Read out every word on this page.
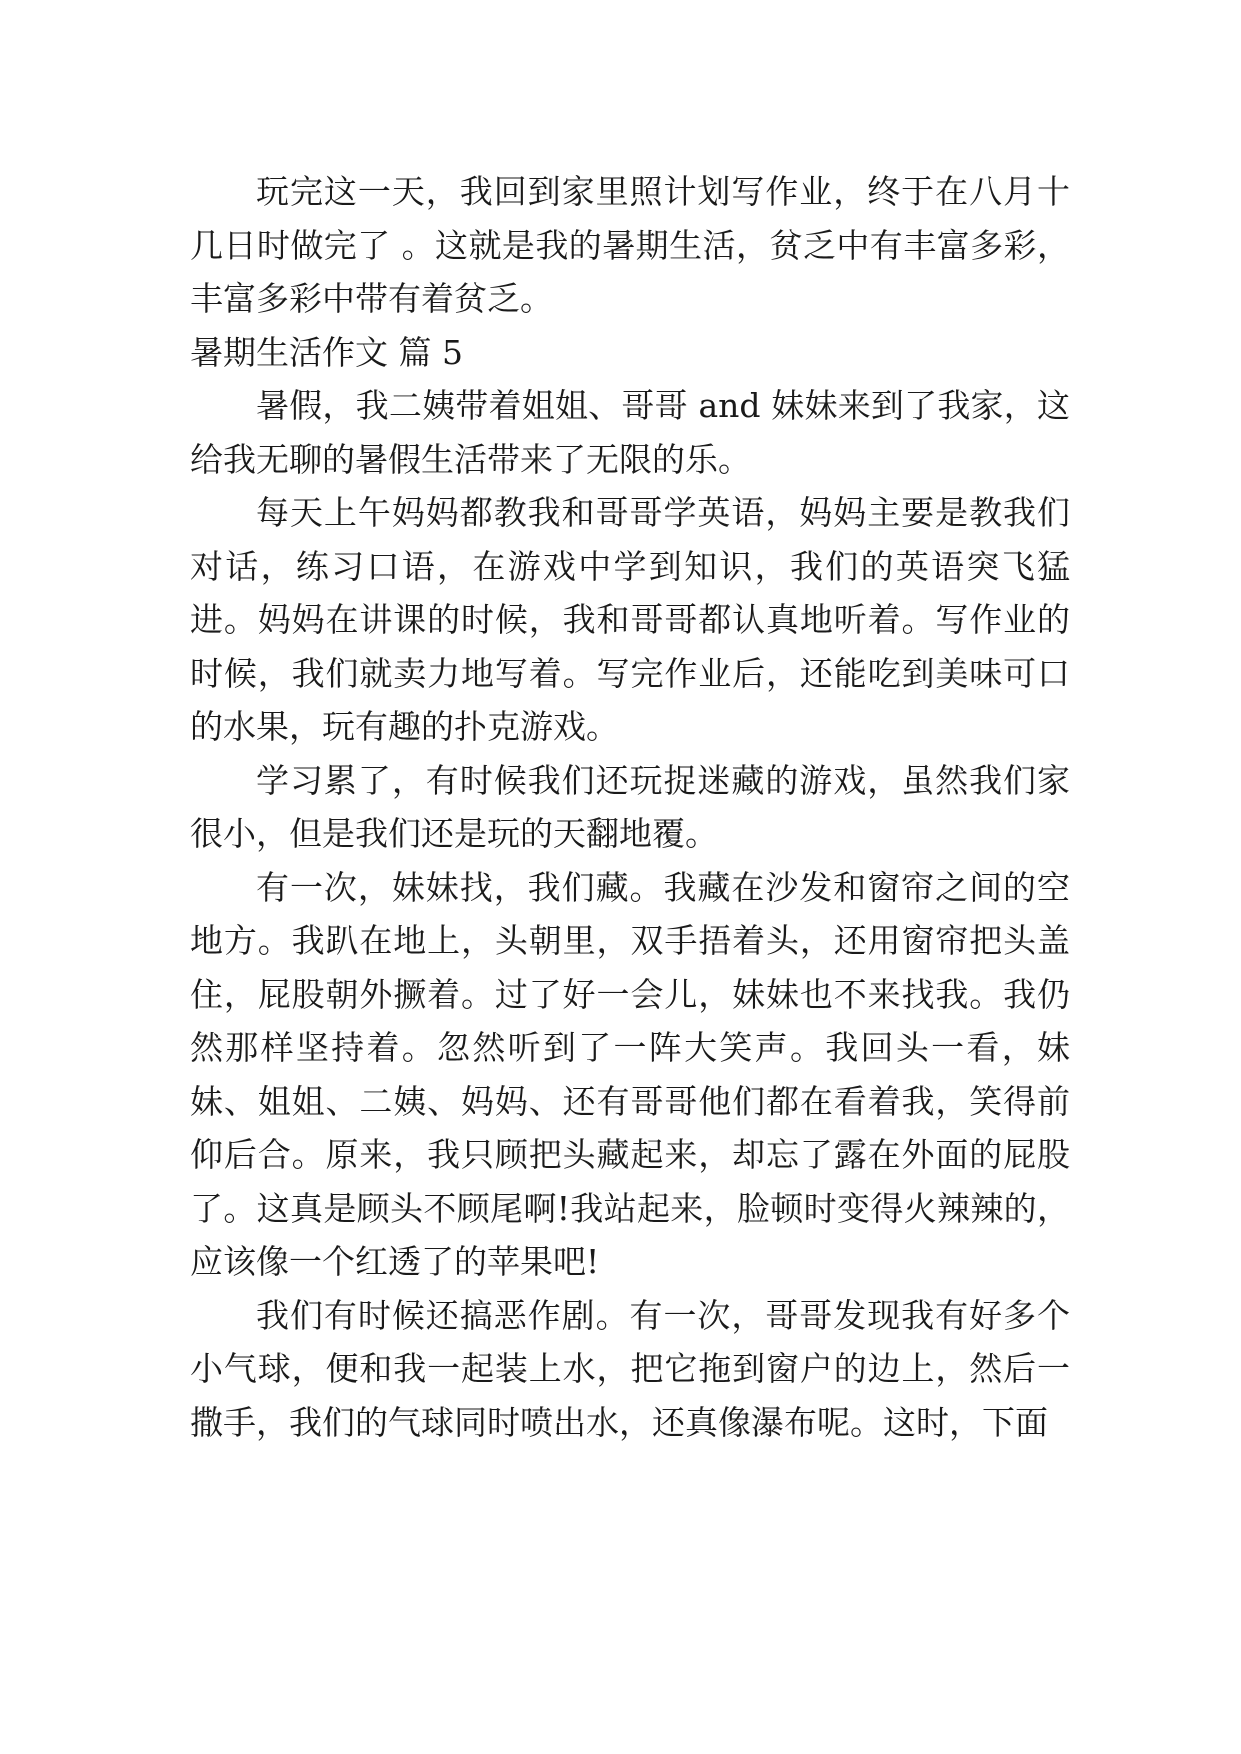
玩完这一天，我回到家里照计划写作业，终于在八月十几日时做完了 。这就是我的暑期生活，贫乏中有丰富多彩，丰富多彩中带有着贫乏。

暑期生活作文 篇 5

暑假，我二姨带着姐姐、哥哥 and 妹妹来到了我家，这给我无聊的暑假生活带来了无限的乐。

每天上午妈妈都教我和哥哥学英语，妈妈主要是教我们对话，练习口语，在游戏中学到知识，我们的英语突飞猛进。妈妈在讲课的时候，我和哥哥都认真地听着。写作业的时候，我们就卖力地写着。写完作业后，还能吃到美味可口的水果，玩有趣的扑克游戏。

学习累了，有时候我们还玩捉迷藏的游戏，虽然我们家很小，但是我们还是玩的天翻地覆。

有一次，妹妹找，我们藏。我藏在沙发和窗帘之间的空地方。我趴在地上，头朝里，双手捂着头，还用窗帘把头盖住，屁股朝外撅着。过了好一会儿，妹妹也不来找我。我仍然那样坚持着。忽然听到了一阵大笑声。我回头一看，妹妹、姐姐、二姨、妈妈、还有哥哥他们都在看着我，笑得前仰后合。原来，我只顾把头藏起来，却忘了露在外面的屁股了。这真是顾头不顾尾啊!我站起来，脸顿时变得火辣辣的，应该像一个红透了的苹果吧!

我们有时候还搞恶作剧。有一次，哥哥发现我有好多个小气球，便和我一起装上水，把它拖到窗户的边上，然后一撒手，我们的气球同时喷出水，还真像瀑布呢。这时，下面
